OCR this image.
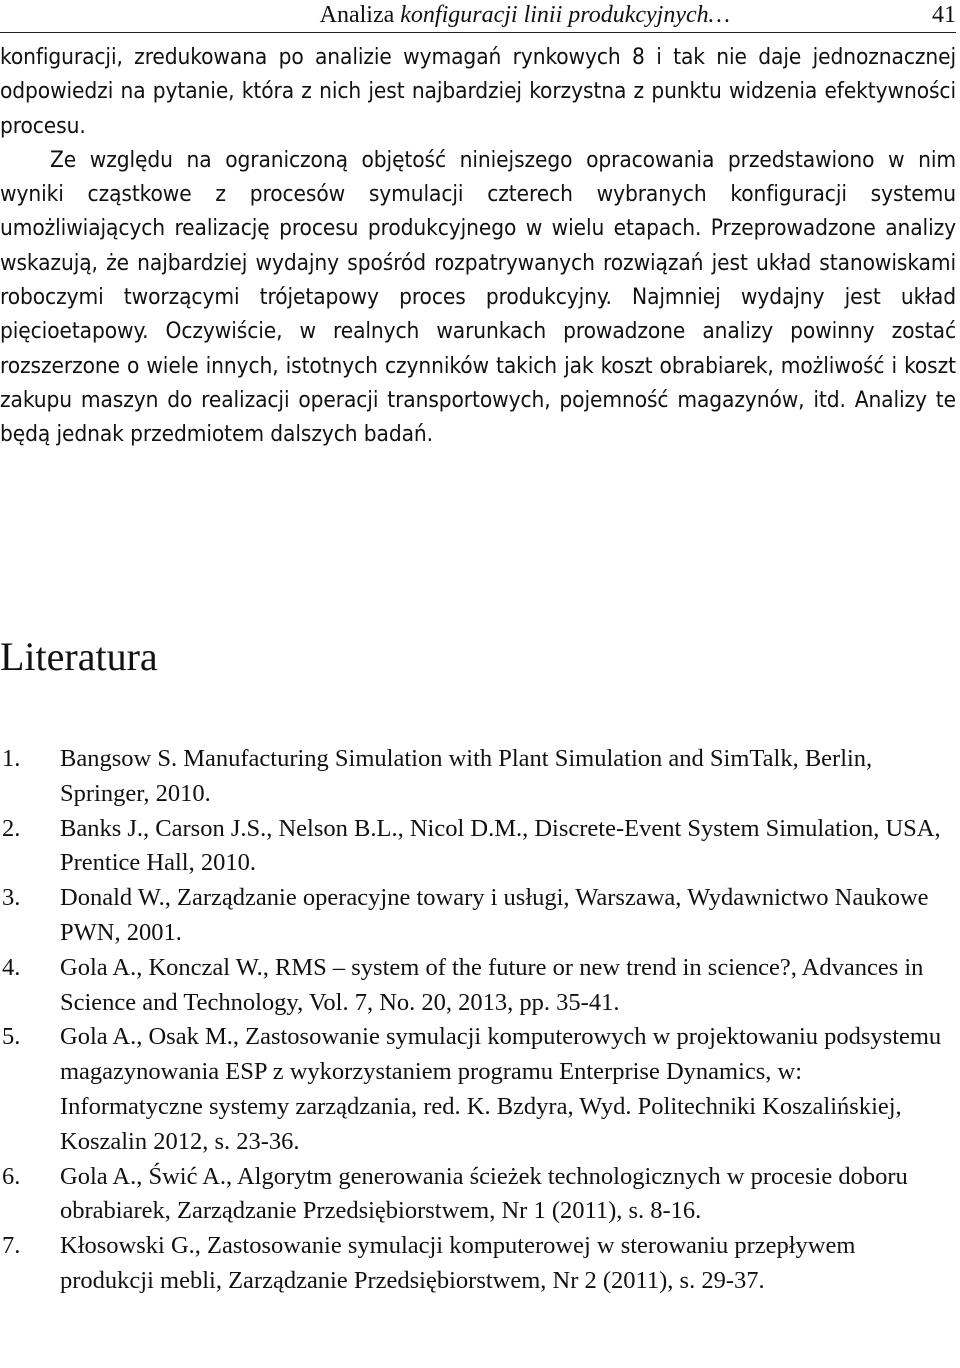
Analiza konfiguracji linii produkcyjnych…	41

konfiguracji, zredukowana po analizie wymagań rynkowych 8 i tak nie daje jednoznacznej odpowiedzi na pytanie, która z nich jest najbardziej korzystna z punktu widzenia efektywności procesu.

Ze względu na ograniczoną objętość niniejszego opracowania przedstawiono w nim wyniki cząstkowe z procesów symulacji czterech wybranych konfiguracji systemu umożliwiających realizację procesu produkcyjnego w wielu etapach. Przeprowadzone analizy wskazują, że najbardziej wydajny spośród rozpatrywanych rozwiązań jest układ stanowiskami roboczymi tworzącymi trójetapowy proces produkcyjny. Najmniej wydajny jest układ pięcioetapowy. Oczywiście, w realnych warunkach prowadzone analizy powinny zostać rozszerzone o wiele innych, istotnych czynników takich jak koszt obrabiarek, możliwość i koszt zakupu maszyn do realizacji operacji transportowych, pojemność magazynów, itd. Analizy te będą jednak przedmiotem dalszych badań.

Literatura
1. Bangsow S. Manufacturing Simulation with Plant Simulation and SimTalk, Berlin, Springer, 2010.
2. Banks J., Carson J.S., Nelson B.L., Nicol D.M., Discrete-Event System Simulation, USA, Prentice Hall, 2010.
3. Donald W., Zarządzanie operacyjne towary i usługi, Warszawa, Wydawnictwo Naukowe PWN, 2001.
4. Gola A., Konczal W., RMS – system of the future or new trend in science?, Advances in Science and Technology, Vol. 7, No. 20, 2013, pp. 35-41.
5. Gola A., Osak M., Zastosowanie symulacji komputerowych w projektowaniu podsystemu magazynowania ESP z wykorzystaniem programu Enterprise Dynamics, w: Informatyczne systemy zarządzania, red. K. Bzdyra, Wyd. Politechniki Koszalińskiej, Koszalin 2012, s. 23-36.
6. Gola A., Świć A., Algorytm generowania ścieżek technologicznych w procesie doboru obrabiarek, Zarządzanie Przedsiębiorstwem, Nr 1 (2011), s. 8-16.
7. Kłosowski G., Zastosowanie symulacji komputerowej w sterowaniu przepływem produkcji mebli, Zarządzanie Przedsiębiorstwem, Nr 2 (2011), s. 29-37.
